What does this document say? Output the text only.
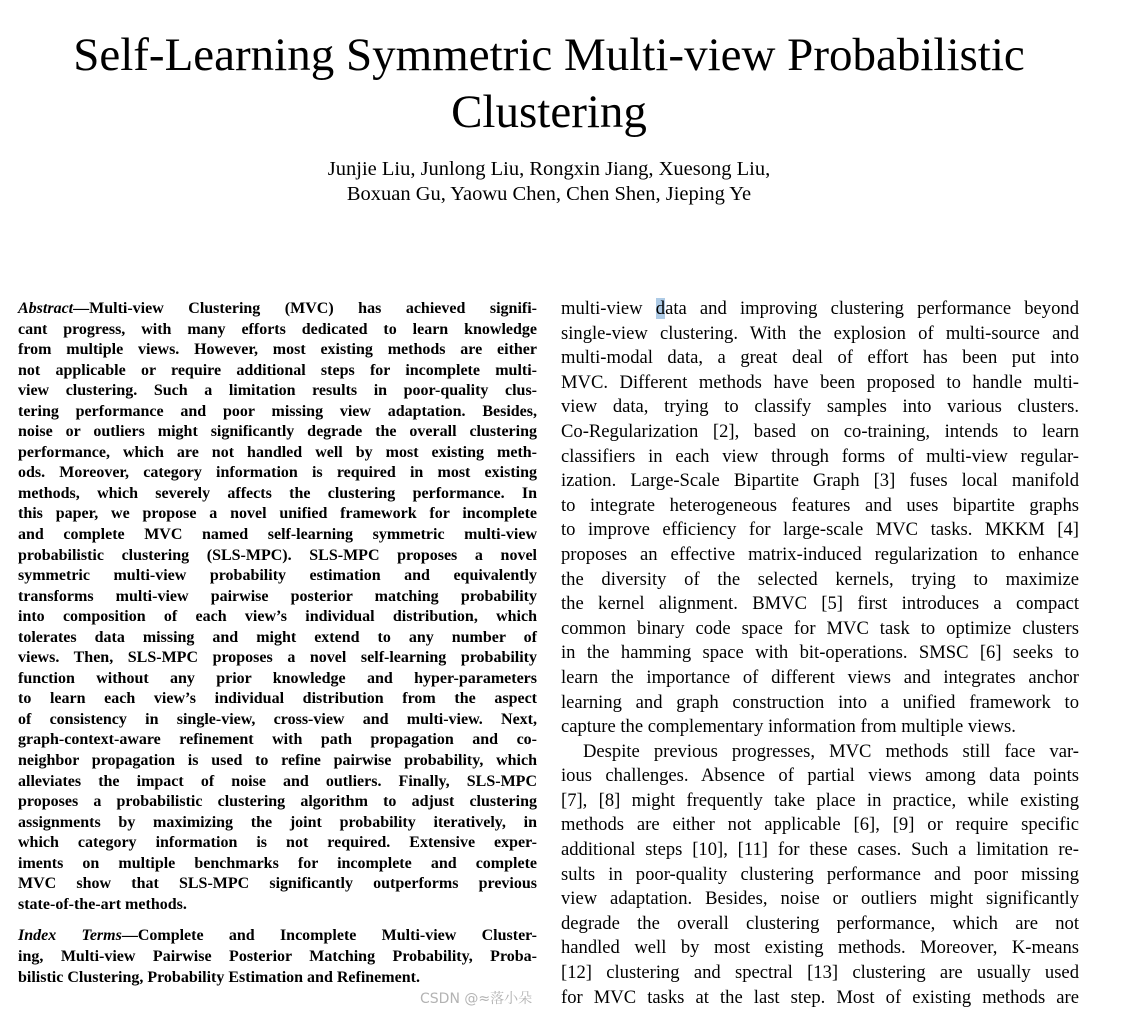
Self-Learning Symmetric Multi-view Probabilistic
Clustering
Junjie Liu, Junlong Liu, Rongxin Jiang, Xuesong Liu,
Boxuan Gu, Yaowu Chen, Chen Shen, Jieping Ye
Abstract—Multi-view Clustering (MVC) has achieved signifi-
cant progress, with many efforts dedicated to learn knowledge
from multiple views. However, most existing methods are either
not applicable or require additional steps for incomplete multi-
view clustering. Such a limitation results in poor-quality clus-
tering performance and poor missing view adaptation. Besides,
noise or outliers might significantly degrade the overall clustering
performance, which are not handled well by most existing meth-
ods. Moreover, category information is required in most existing
methods, which severely affects the clustering performance. In
this paper, we propose a novel unified framework for incomplete
and complete MVC named self-learning symmetric multi-view
probabilistic clustering (SLS-MPC). SLS-MPC proposes a novel
symmetric multi-view probability estimation and equivalently
transforms multi-view pairwise posterior matching probability
into composition of each view’s individual distribution, which
tolerates data missing and might extend to any number of
views. Then, SLS-MPC proposes a novel self-learning probability
function without any prior knowledge and hyper-parameters
to learn each view’s individual distribution from the aspect
of consistency in single-view, cross-view and multi-view. Next,
graph-context-aware refinement with path propagation and co-
neighbor propagation is used to refine pairwise probability, which
alleviates the impact of noise and outliers. Finally, SLS-MPC
proposes a probabilistic clustering algorithm to adjust clustering
assignments by maximizing the joint probability iteratively, in
which category information is not required. Extensive exper-
iments on multiple benchmarks for incomplete and complete
MVC show that SLS-MPC significantly outperforms previous
state-of-the-art methods.
Index Terms—Complete and Incomplete Multi-view Cluster-
ing, Multi-view Pairwise Posterior Matching Probability, Proba-
bilistic Clustering, Probability Estimation and Refinement.
multi-view data and improving clustering performance beyond
single-view clustering. With the explosion of multi-source and
multi-modal data, a great deal of effort has been put into
MVC. Different methods have been proposed to handle multi-
view data, trying to classify samples into various clusters.
Co-Regularization [2], based on co-training, intends to learn
classifiers in each view through forms of multi-view regular-
ization. Large-Scale Bipartite Graph [3] fuses local manifold
to integrate heterogeneous features and uses bipartite graphs
to improve efficiency for large-scale MVC tasks. MKKM [4]
proposes an effective matrix-induced regularization to enhance
the diversity of the selected kernels, trying to maximize
the kernel alignment. BMVC [5] first introduces a compact
common binary code space for MVC task to optimize clusters
in the hamming space with bit-operations. SMSC [6] seeks to
learn the importance of different views and integrates anchor
learning and graph construction into a unified framework to
capture the complementary information from multiple views.
Despite previous progresses, MVC methods still face var-
ious challenges. Absence of partial views among data points
[7], [8] might frequently take place in practice, while existing
methods are either not applicable [6], [9] or require specific
additional steps [10], [11] for these cases. Such a limitation re-
sults in poor-quality clustering performance and poor missing
view adaptation. Besides, noise or outliers might significantly
degrade the overall clustering performance, which are not
handled well by most existing methods. Moreover, K-means
[12] clustering and spectral [13] clustering are usually used
for MVC tasks at the last step. Most of existing methods are
CSDN @≈落小朵
